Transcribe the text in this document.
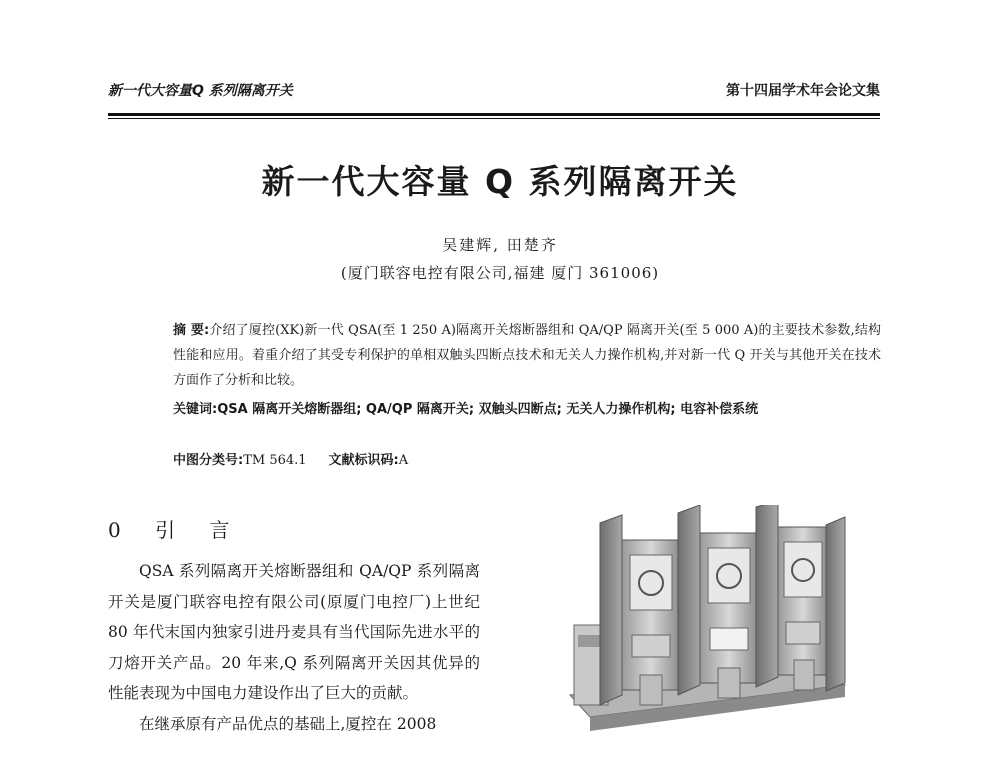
新一代大容量Q 系列隔离开关	第十四届学术年会论文集
新一代大容量 Q 系列隔离开关
吴建辉, 田楚齐
(厦门联容电控有限公司,福建 厦门 361006)
摘 要:介绍了厦控(XK)新一代 QSA(至 1 250 A)隔离开关熔断器组和 QA/QP 隔离开关(至 5 000 A)的主要技术参数,结构性能和应用。着重介绍了其受专利保护的单相双触头四断点技术和无关人力操作机构,并对新一代 Q 开关与其他开关在技术方面作了分析和比较。
关键词:QSA 隔离开关熔断器组; QA/QP 隔离开关; 双触头四断点; 无关人力操作机构; 电容补偿系统
中图分类号:TM 564.1 文献标识码:A
0 引 言

QSA 系列隔离开关熔断器组和 QA/QP 系列隔离开关是厦门联容电控有限公司(原厦门电控厂)上世纪 80 年代末国内独家引进丹麦具有当代国际先进水平的刀熔开关产品。20 年来,Q 系列隔离开关因其优异的性能表现为中国电力建设作出了巨大的贡献。

在继承原有产品优点的基础上,厦控在 2008
